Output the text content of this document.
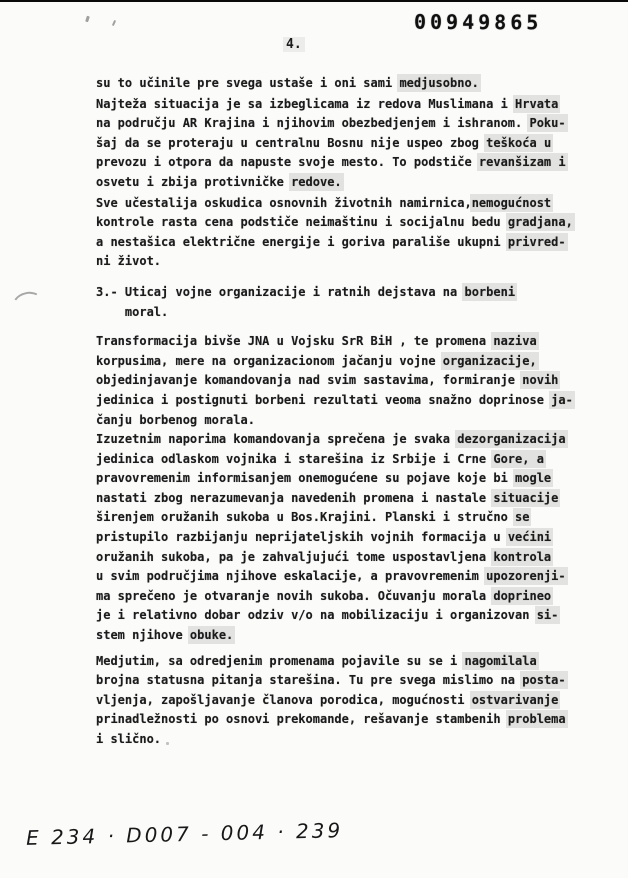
00949865
4.
su to učinile pre svega ustaše i oni sami medjusobno.
Najteža situacija je sa izbeglicama iz redova Muslimana i Hrvata
na području AR Krajina i njihovim obezbedjenjem i ishranom. Poku-
šaj da se proteraju u centralnu Bosnu nije uspeo zbog teškoća u
prevozu i otpora da napuste svoje mesto. To podstiče revanšizam i
osvetu i zbija protivničke redove.
Sve učestalija oskudica osnovnih životnih namirnica,nemogućnost
kontrole rasta cena podstiče neimaštinu i socijalnu bedu gradjana,
a nestašica električne energije i goriva parališe ukupni privred-
ni život.
3.- Uticaj vojne organizacije i ratnih dejstava na borbeni
moral.
Transformacija bivše JNA u Vojsku SrR BiH , te promena naziva
korpusima, mere na organizacionom jačanju vojne organizacije,
objedinjavanje komandovanja nad svim sastavima, formiranje novih
jedinica i postignuti borbeni rezultati veoma snažno doprinose ja-
čanju borbenog morala.
Izuzetnim naporima komandovanja sprečena je svaka dezorganizacija
jedinica odlaskom vojnika i starešina iz Srbije i Crne Gore, a
pravovremenim informisanjem onemogućene su pojave koje bi mogle
nastati zbog nerazumevanja navedenih promena i nastale situacije
širenjem oružanih sukoba u Bos.Krajini. Planski i stručno se
pristupilo razbijanju neprijateljskih vojnih formacija u većini
oružanih sukoba, pa je zahvaljujući tome uspostavljena kontrola
u svim područjima njihove eskalacije, a pravovremenim upozorenji-
ma sprečeno je otvaranje novih sukoba. Očuvanju morala doprineo
je i relativno dobar odziv v/o na mobilizaciju i organizovan si-
stem njihove obuke.
Medjutim, sa odredjenim promenama pojavile su se i nagomilala
brojna statusna pitanja starešina. Tu pre svega mislimo na posta-
vljenja, zapošljavanje članova porodica, mogućnosti ostvarivanje
prinadležnosti po osnovi prekomande, rešavanje stambenih problema
i slično.
E 234 · D007 - 004 · 239
